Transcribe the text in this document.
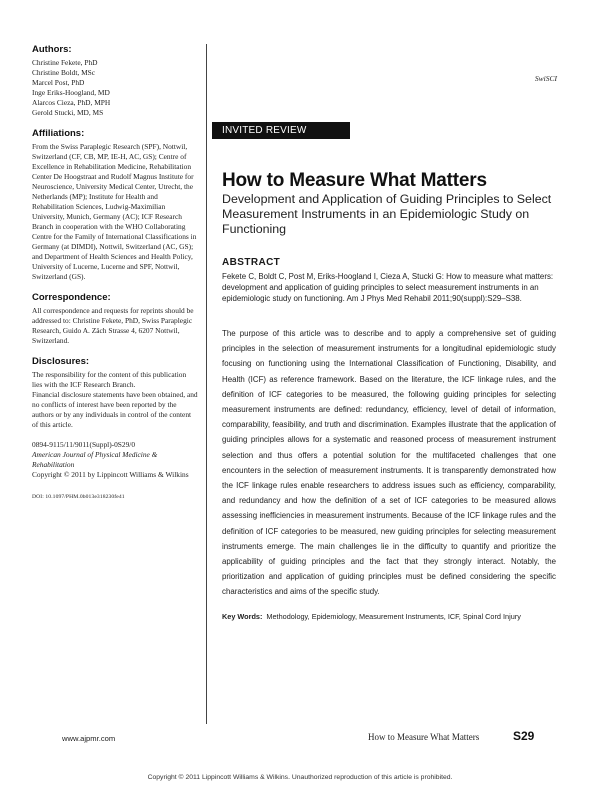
Authors:
Christine Fekete, PhD
Christine Boldt, MSc
Marcel Post, PhD
Inge Eriks-Hoogland, MD
Alarcos Cieza, PhD, MPH
Gerold Stucki, MD, MS
Affiliations:
From the Swiss Paraplegic Research (SPF), Nottwil, Switzerland (CF, CB, MP, IE-H, AC, GS); Centre of Excellence in Rehabilitation Medicine, Rehabilitation Center De Hoogstraat and Rudolf Magnus Institute for Neuroscience, University Medical Center, Utrecht, the Netherlands (MP); Institute for Health and Rehabilitation Sciences, Ludwig-Maximilian University, Munich, Germany (AC); ICF Research Branch in cooperation with the WHO Collaborating Centre for the Family of International Classifications in Germany (at DIMDI), Nottwil, Switzerland (AC, GS); and Department of Health Sciences and Health Policy, University of Lucerne, Lucerne and SPF, Nottwil, Switzerland (GS).
Correspondence:
All correspondence and requests for reprints should be addressed to: Christine Fekete, PhD, Swiss Paraplegic Research, Guido A. Zäch Strasse 4, 6207 Nottwil, Switzerland.
Disclosures:
The responsibility for the content of this publication lies with the ICF Research Branch.
Financial disclosure statements have been obtained, and no conflicts of interest have been reported by the authors or by any individuals in control of the content of this article.
0894-9115/11/9011(Suppl)-0S29/0
American Journal of Physical Medicine & Rehabilitation
Copyright © 2011 by Lippincott Williams & Wilkins
DOI: 10.1097/PHM.0b013e318230fe41
SwiSCI
INVITED REVIEW
How to Measure What Matters
Development and Application of Guiding Principles to Select Measurement Instruments in an Epidemiologic Study on Functioning
ABSTRACT
Fekete C, Boldt C, Post M, Eriks-Hoogland I, Cieza A, Stucki G: How to measure what matters: development and application of guiding principles to select measurement instruments in an epidemiologic study on functioning. Am J Phys Med Rehabil 2011;90(suppl):S29–S38.
The purpose of this article was to describe and to apply a comprehensive set of guiding principles in the selection of measurement instruments for a longitudinal epidemiologic study focusing on functioning using the International Classification of Functioning, Disability, and Health (ICF) as reference framework. Based on the literature, the ICF linkage rules, and the definition of ICF categories to be measured, the following guiding principles for selecting measurement instruments are defined: redundancy, efficiency, level of detail of information, comparability, feasibility, and truth and discrimination. Examples illustrate that the application of guiding principles allows for a systematic and reasoned process of measurement instrument selection and thus offers a potential solution for the multifaceted challenges that one encounters in the selection of measurement instruments. It is transparently demonstrated how the ICF linkage rules enable researchers to address issues such as efficiency, comparability, and redundancy and how the definition of a set of ICF categories to be measured allows assessing inefficiencies in measurement instruments. Because of the ICF linkage rules and the definition of ICF categories to be measured, new guiding principles for selecting measurement instruments emerge. The main challenges lie in the difficulty to quantify and prioritize the applicability of guiding principles and the fact that they strongly interact. Notably, the prioritization and application of guiding principles must be defined considering the specific characteristics and aims of the specific study.
Key Words: Methodology, Epidemiology, Measurement Instruments, ICF, Spinal Cord Injury
www.ajpmr.com	How to Measure What Matters	S29
Copyright © 2011 Lippincott Williams & Wilkins. Unauthorized reproduction of this article is prohibited.
